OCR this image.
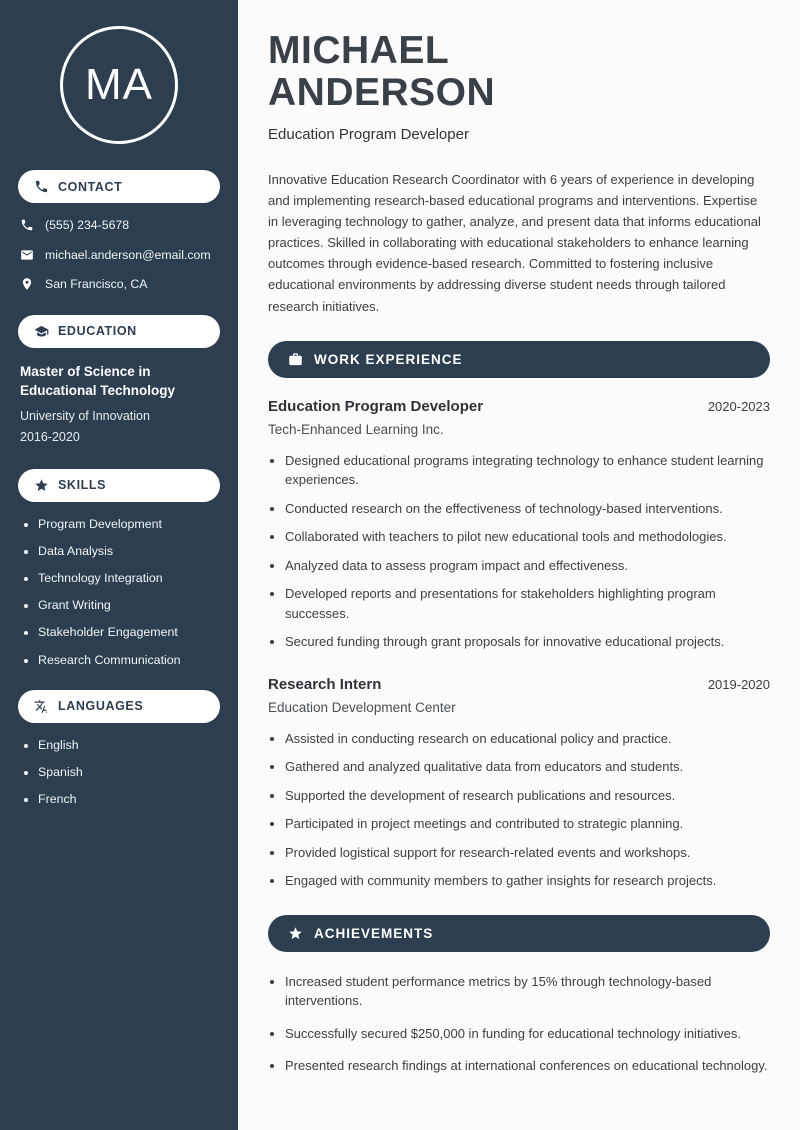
MA
CONTACT
(555) 234-5678
michael.anderson@email.com
San Francisco, CA
EDUCATION
Master of Science in Educational Technology
University of Innovation
2016-2020
SKILLS
• Program Development
• Data Analysis
• Technology Integration
• Grant Writing
• Stakeholder Engagement
• Research Communication
LANGUAGES
• English
• Spanish
• French
MICHAEL
ANDERSON
Education Program Developer

Innovative Education Research Coordinator with 6 years of experience in developing and implementing research-based educational programs and interventions. Expertise in leveraging technology to gather, analyze, and present data that informs educational practices. Skilled in collaborating with educational stakeholders to enhance learning outcomes through evidence-based research. Committed to fostering inclusive educational environments by addressing diverse student needs through tailored research initiatives.

WORK EXPERIENCE
Education Program Developer	2020-2023
Tech-Enhanced Learning Inc.
• Designed educational programs integrating technology to enhance student learning experiences.
• Conducted research on the effectiveness of technology-based interventions.
• Collaborated with teachers to pilot new educational tools and methodologies.
• Analyzed data to assess program impact and effectiveness.
• Developed reports and presentations for stakeholders highlighting program successes.
• Secured funding through grant proposals for innovative educational projects.
Research Intern	2019-2020
Education Development Center
• Assisted in conducting research on educational policy and practice.
• Gathered and analyzed qualitative data from educators and students.
• Supported the development of research publications and resources.
• Participated in project meetings and contributed to strategic planning.
• Provided logistical support for research-related events and workshops.
• Engaged with community members to gather insights for research projects.
ACHIEVEMENTS
• Increased student performance metrics by 15% through technology-based interventions.
• Successfully secured $250,000 in funding for educational technology initiatives.
• Presented research findings at international conferences on educational technology.
